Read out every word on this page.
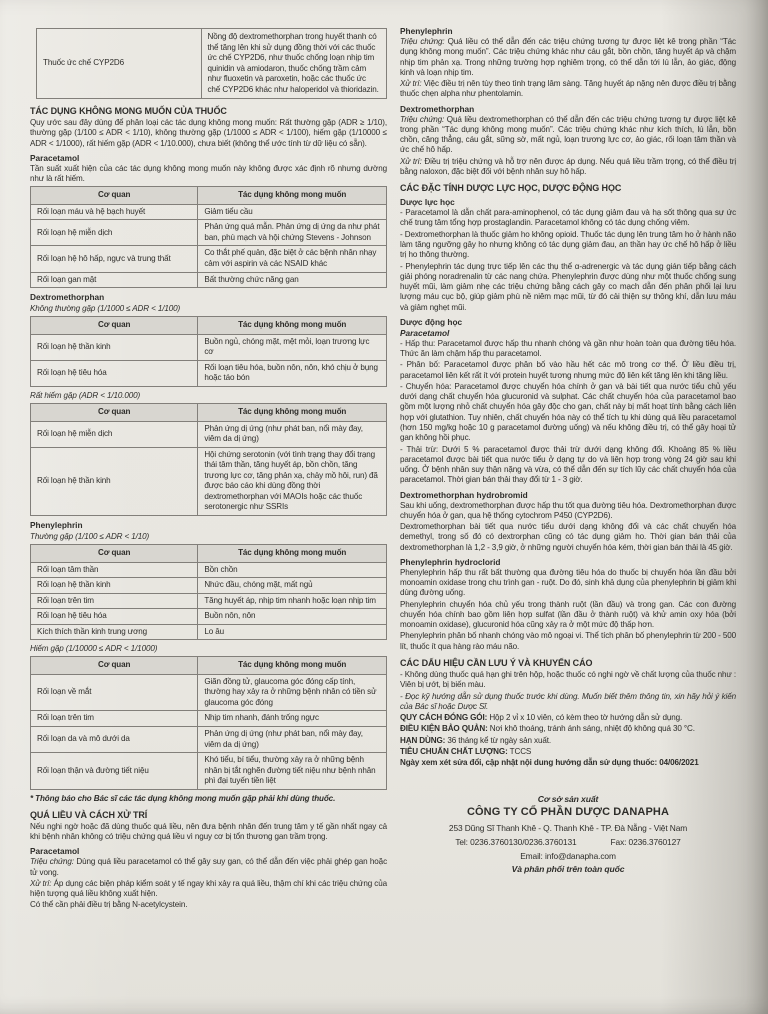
Thuốc ức chế CYP2D6	Nồng độ dextromethorphan trong huyết thanh có thể tăng lên khi sử dụng đồng thời với các thuốc ức chế CYP2D6, như thuốc chống loạn nhịp tim quinidin và amiodaron, thuốc chống trầm cảm như fluoxetin và paroxetin, hoặc các thuốc ức chế CYP2D6 khác như haloperidol và thioridazin.
TÁC DỤNG KHÔNG MONG MUỐN CỦA THUỐC

Quy ước sau đây dùng để phân loại các tác dụng không mong muốn: Rất thường gặp (ADR ≥ 1/10), thường gặp (1/100 ≤ ADR < 1/10), không thường gặp (1/1000 ≤ ADR < 1/100), hiếm gặp (1/10000 ≤ ADR < 1/1000), rất hiếm gặp (ADR < 1/10.000), chưa biết (không thể ước tính từ dữ liệu có sẵn).

Paracetamol

Tần suất xuất hiện của các tác dụng không mong muốn này không được xác định rõ nhưng dường như là rất hiếm.

Cơ quan	Tác dụng không mong muốn
Rối loạn máu và hệ bạch huyết	Giảm tiểu cầu
Rối loạn hệ miễn dịch	Phản ứng quá mẫn. Phản ứng dị ứng da như phát ban, phù mạch và hội chứng Stevens - Johnson
Rối loạn hệ hô hấp, ngực và trung thất	Co thắt phế quản, đặc biệt ở các bệnh nhân nhạy cảm với aspirin và các NSAID khác
Rối loạn gan mật	Bất thường chức năng gan
Dextromethorphan

Không thường gặp (1/1000 ≤ ADR < 1/100)

Cơ quan	Tác dụng không mong muốn
Rối loạn hệ thần kinh	Buồn ngủ, chóng mặt, mệt mỏi, loạn trương lực cơ
Rối loạn hệ tiêu hóa	Rối loạn tiêu hóa, buồn nôn, nôn, khó chịu ở bụng hoặc táo bón

Rất hiếm gặp (ADR < 1/10.000)

Cơ quan	Tác dụng không mong muốn
Rối loạn hệ miễn dịch	Phản ứng dị ứng (như phát ban, nổi mày đay, viêm da dị ứng)
Rối loạn hệ thần kinh	Hội chứng serotonin (với tình trạng thay đổi trạng thái tâm thần, tăng huyết áp, bồn chồn, tăng trương lực cơ, tăng phản xạ, chảy mồ hôi, run) đã được báo cáo khi dùng đồng thời dextromethorphan với MAOIs hoặc các thuốc serotonergic như SSRIs
Phenylephrin

Thường gặp (1/100 ≤ ADR < 1/10)

Cơ quan	Tác dụng không mong muốn
Rối loạn tâm thần	Bồn chồn
Rối loạn hệ thần kinh	Nhức đầu, chóng mặt, mất ngủ
Rối loạn trên tim	Tăng huyết áp, nhịp tim nhanh hoặc loạn nhịp tim
Rối loạn hệ tiêu hóa	Buồn nôn, nôn
Kích thích thần kinh trung ương	Lo âu

Hiếm gặp (1/10000 ≤ ADR < 1/1000)

Cơ quan	Tác dụng không mong muốn
Rối loạn về mắt	Giãn đồng tử, glaucoma góc đóng cấp tính, thường hay xảy ra ở những bệnh nhân có tiền sử glaucoma góc đóng
Rối loạn trên tim	Nhịp tim nhanh, đánh trống ngực
Rối loạn da và mô dưới da	Phản ứng dị ứng (như phát ban, nổi mày đay, viêm da dị ứng)
Rối loạn thận và đường tiết niệu	Khó tiểu, bí tiểu, thường xảy ra ở những bệnh nhân bị tắt nghẽn đường tiết niệu như bệnh nhân phì đại tuyến tiền liệt

* Thông báo cho Bác sĩ các tác dụng không mong muốn gặp phải khi dùng thuốc.

QUÁ LIỀU VÀ CÁCH XỬ TRÍ

Nếu nghi ngờ hoặc đã dùng thuốc quá liều, nên đưa bệnh nhân đến trung tâm y tế gần nhất ngay cả khi bệnh nhân không có triệu chứng quá liều vì nguy cơ bị tổn thương gan trầm trọng.

Paracetamol

Triệu chứng: Dùng quá liều paracetamol có thể gây suy gan, có thể dẫn đến việc phải ghép gan hoặc tử vong.

Xử trí: Áp dụng các biện pháp kiểm soát y tế ngay khi xảy ra quá liều, thậm chí khi các triệu chứng của hiện tượng quá liều không xuất hiện.

Có thể cần phải điều trị bằng N-acetylcystein.

Phenylephrin

Triệu chứng: Quá liều có thể dẫn đến các triệu chứng tương tự được liệt kê trong phần “Tác dụng không mong muốn”. Các triệu chứng khác như cáu gắt, bồn chồn, tăng huyết áp và chậm nhịp tim phản xạ. Trong những trường hợp nghiêm trọng, có thể dẫn tới lú lẫn, ảo giác, động kinh và loạn nhịp tim.

Xử trí: Việc điều trị nên tùy theo tình trạng lâm sàng. Tăng huyết áp nặng nên được điều trị bằng thuốc chẹn alpha như phentolamin.

Dextromethorphan

Triệu chứng: Quá liều dextromethorphan có thể dẫn đến các triệu chứng tương tự được liệt kê trong phần “Tác dụng không mong muốn”. Các triệu chứng khác như kích thích, lú lẫn, bồn chồn, căng thẳng, cáu gắt, sững sờ, mất ngủ, loạn trương lực cơ, ảo giác, rối loạn tâm thần và ức chế hô hấp.

Xử trí: Điều trị triệu chứng và hỗ trợ nên được áp dụng. Nếu quá liều trầm trọng, có thể điều trị bằng naloxon, đặc biệt đối với bệnh nhân suy hô hấp.

CÁC ĐẶC TÍNH DƯỢC LỰC HỌC, DƯỢC ĐỘNG HỌC
Dược lực học

- Paracetamol là dẫn chất para-aminophenol, có tác dụng giảm đau và hạ sốt thông qua sự ức chế trung tâm tổng hợp prostaglandin. Paracetamol không có tác dụng chống viêm.

- Dextromethorphan là thuốc giảm ho không opioid. Thuốc tác dụng lên trung tâm ho ở hành não làm tăng ngưỡng gây ho nhưng không có tác dụng giảm đau, an thần hay ức chế hô hấp ở liều trị ho thông thường.

- Phenylephrin tác dụng trực tiếp lên các thụ thể α-adrenergic và tác dụng gián tiếp bằng cách giải phóng noradrenalin từ các nang chứa. Phenylephrin được dùng như một thuốc chống sung huyết mũi, làm giảm nhẹ các triệu chứng bằng cách gây co mạch dẫn đến phân phối lại lưu lượng máu cục bộ, giúp giảm phù nề niêm mạc mũi, từ đó cải thiện sự thông khí, dẫn lưu máu và giảm nghẹt mũi.

Dược động học
Paracetamol

- Hấp thu: Paracetamol được hấp thu nhanh chóng và gần như hoàn toàn qua đường tiêu hóa. Thức ăn làm chậm hấp thu paracetamol.

- Phân bố: Paracetamol được phân bố vào hầu hết các mô trong cơ thể. Ở liều điều trị, paracetamol liên kết rất ít với protein huyết tương nhưng mức độ liên kết tăng lên khi tăng liều.

- Chuyển hóa: Paracetamol được chuyển hóa chính ở gan và bài tiết qua nước tiểu chủ yếu dưới dạng chất chuyển hóa glucuronid và sulphat. Các chất chuyển hóa của paracetamol bao gồm một lượng nhỏ chất chuyển hóa gây độc cho gan, chất này bị mất hoạt tính bằng cách liên hợp với glutathion. Tuy nhiên, chất chuyển hóa này có thể tích tụ khi dùng quá liều paracetamol (hơn 150 mg/kg hoặc 10 g paracetamol đường uống) và nếu không điều trị, có thể gây hoại tử gan không hồi phục.

- Thải trừ: Dưới 5 % paracetamol được thải trừ dưới dạng không đổi. Khoảng 85 % liều paracetamol được bài tiết qua nước tiểu ở dạng tự do và liên hợp trong vòng 24 giờ sau khi uống. Ở bệnh nhân suy thận nặng và vừa, có thể dẫn đến sự tích lũy các chất chuyển hóa của paracetamol. Thời gian bán thải thay đổi từ 1 - 3 giờ.

Dextromethorphan hydrobromid

Sau khi uống, dextromethorphan được hấp thu tốt qua đường tiêu hóa. Dextromethorphan được chuyển hóa ở gan, qua hệ thống cytochrom P450 (CYP2D6).

Dextromethorphan bài tiết qua nước tiểu dưới dạng không đổi và các chất chuyển hóa demethyl, trong số đó có dextrorphan cũng có tác dụng giảm ho. Thời gian bán thải của dextromethorphan là 1,2 - 3,9 giờ, ở những người chuyển hóa kém, thời gian bán thải là 45 giờ.

Phenylephrin hydroclorid

Phenylephrin hấp thu rất bất thường qua đường tiêu hóa do thuốc bị chuyển hóa lần đầu bởi monoamin oxidase trong chu trình gan - ruột. Do đó, sinh khả dụng của phenylephrin bị giảm khi dùng đường uống.

Phenylephrin chuyển hóa chủ yếu trong thành ruột (lần đầu) và trong gan. Các con đường chuyển hóa chính bao gồm liên hợp sulfat (lần đầu ở thành ruột) và khử amin oxy hóa (bởi monoamin oxidase), glucuronid hóa cũng xảy ra ở một mức độ thấp hơn.

Phenylephrin phân bố nhanh chóng vào mô ngoại vi. Thể tích phân bố phenylephrin từ 200 - 500 lít, thuốc ít qua hàng rào máu não.

CÁC DẤU HIỆU CẦN LƯU Ý VÀ KHUYẾN CÁO

- Không dùng thuốc quá hạn ghi trên hộp, hoặc thuốc có nghi ngờ về chất lượng của thuốc như : Viên bị ướt, bị biến màu.

- Đọc kỹ hướng dẫn sử dụng thuốc trước khi dùng. Muốn biết thêm thông tin, xin hãy hỏi ý kiến của Bác sĩ hoặc Dược Sĩ.

QUY CÁCH ĐÓNG GÓI: Hộp 2 vỉ x 10 viên, có kèm theo tờ hướng dẫn sử dụng.

ĐIỀU KIỆN BẢO QUẢN: Nơi khô thoáng, tránh ánh sáng, nhiệt độ không quá 30 °C.

HẠN DÙNG: 36 tháng kể từ ngày sản xuất.

TIÊU CHUẨN CHẤT LƯỢNG: TCCS

Ngày xem xét sửa đổi, cập nhật nội dung hướng dẫn sử dụng thuốc: 04/06/2021

Cơ sở sản xuất

CÔNG TY CỔ PHẦN DƯỢC DANAPHA

253 Dũng Sĩ Thanh Khê - Q. Thanh Khê - TP. Đà Nẵng - Việt Nam

Tel: 0236.3760130/0236.3760131	Fax: 0236.3760127

Email: info@danapha.com

Và phân phối trên toàn quốc
